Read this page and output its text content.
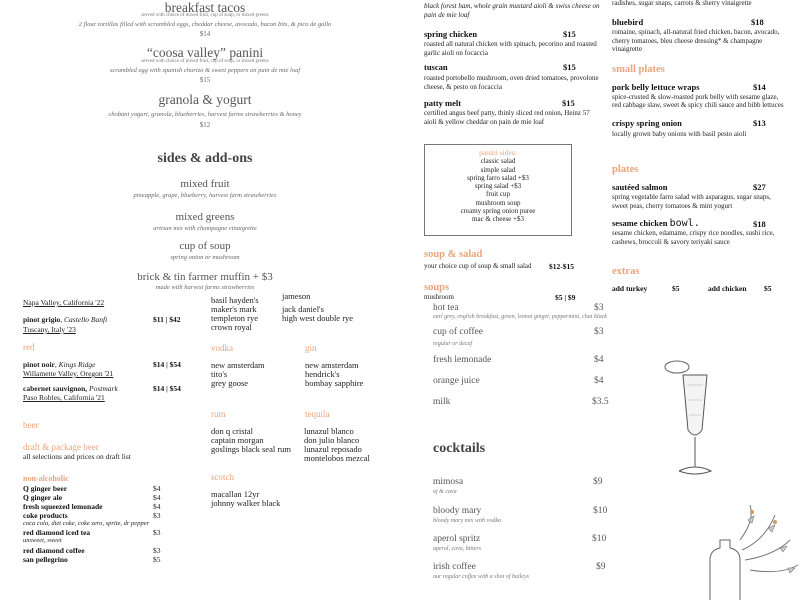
breakfast tacos
served with choice of mixed fruit, cup of soup, or mixed greens
2 flour tortillas filled with scrambled eggs, cheddar cheese, avocado, bacon bits, & pico de gallo
$14
“coosa valley” panini
served with choice of mixed fruit, cup of soup, or mixed greens
scrambled egg with spanish chorizo & sweet peppers on pain de mie loaf
$15
granola & yogurt
chobani yogurt, granola, blueberries, harvest farms strawberries & honey
$12
sides & add-ons
mixed fruit
pineapple, grape, blueberry, harvest farm strawberries
mixed greens
artisan mix with champagne vinaigrette
cup of soup
spring onion or mushroom
brick & tin farmer muffin + $3
made with harvest farms strawberries
black forest ham, whole grain mustard aioli & swiss cheese on
pain de mie loaf
spring chicken	$15
roasted all natural chicken with spinach, pecorino and roasted
garlic aioli on focaccia
tuscan	$15
roasted portobello mushroom, oven dried tomatoes, provolone
cheese, & pesto on focaccia
patty melt	$15
certified angus beef patty, thinly sliced red onion, Heinz 57
aioli & yellow cheddar on pain de mie loaf
panini sides:
classic salad
simple salad
spring farro salad +$3
spring salad +$3
fruit cup
mushroom soup
creamy spring onion puree
mac & cheese +$3
soup & salad
your choice cup of soup & small salad $12-$15
soups
mushroom	$5 | $9
radishes, sugar snaps, carrots & sherry vinaigrette
bluebird	$18
romaine, spinach, all-natural fried chicken, bacon, avocado,
cherry tomatoes, bleu cheese dressing* & champagne
vinaigrette
small plates
pork belly lettuce wraps	$14
spice-crusted & slow-roasted pork belly with sesame glaze,
red cabbage slaw, sweet & spicy chili sauce and bibb lettuces
crispy spring onion	$13
locally grown baby onions with basil pesto aioli
plates
sautéed salmon	$27
spring vegetable farro salad with asparagus, sugar snaps,
sweet peas, cherry tomatoes & mint yogurt
sesame chicken bowl.	$18
sesame chicken, edamame, crispy rice noodles, sushi rice,
cashews, broccoli & savory teriyaki sauce
extras
add turkey	$5	add chicken $5
Napa Valley, California '22
pinot grigio, Castello Banfi	$11 | $42
Tuscany, Italy '23
red
pinot noir, Kings Ridge	$14 | $54
Willamette Valley, Oregon '21
cabernet sauvignon, Postmark	$14 | $54
Paso Robles, California '21
beer
draft & package beer
all selections and prices on draft list
non-alcoholic
Q ginger beer	$4
Q ginger ale	$4
fresh squeezed lemonade	$4
coke products	$3
coca cola, diet coke, coke zero, sprite, dr pepper
red diamond iced tea	$3
unsweet, sweet
red diamond coffee	$3
san pellegrino	$5
basil hayden's
maker's mark
templeton rye
crown royal
jameson
jack daniel's
high west double rye
vodka
new amsterdam
tito's
grey goose
gin
new amsterdam
hendrick's
bombay sapphire
rum
don q cristal
captain morgan
goslings black seal rum
tequila
lunazul blanco
don julio blanco
lunazul reposado
montelobos mezcal
scotch
macallan 12yr
johnny walker black
hot tea	$3
earl grey, english breakfast, green, lemon ginger, peppermint, chai black
cup of coffee	$3
regular or decaf
fresh lemonade	$4
orange juice	$4
milk	$3.5
cocktails
mimosa	$9
oj & cava
bloody mary	$10
bloody mary mix with vodka
aperol spritz	$10
aperol, cava, bitters
irish coffee	$9
our regular coffee with a shot of baileys
